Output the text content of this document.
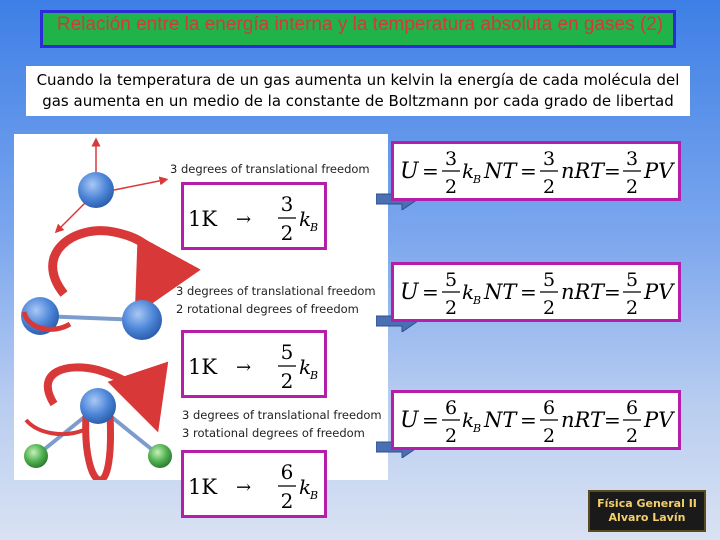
Relación entre la energía interna y la temperatura absoluta en gases (2)
Cuando la temperatura de un gas aumenta un kelvin la energía de cada molécula del gas aumenta en un medio de la constante de Boltzmann por cada grado de libertad
3 degrees of translational freedom
3 degrees of translational freedom
2 rotational degrees of freedom
3 degrees of translational freedom
3 rotational degrees of freedom
1K →
3
2
k
B
1K →
5
2
k
B
1K →
6
2
k
B
U = 3
2
k
B NT = 3
2
nRT = 3
2
PV
U = 5
2
k
B NT = 5
2
nRT = 5
2
PV
U = 6
2
k
B NT = 6
2
nRT = 6
2
PV
Física General II
Alvaro Lavín
